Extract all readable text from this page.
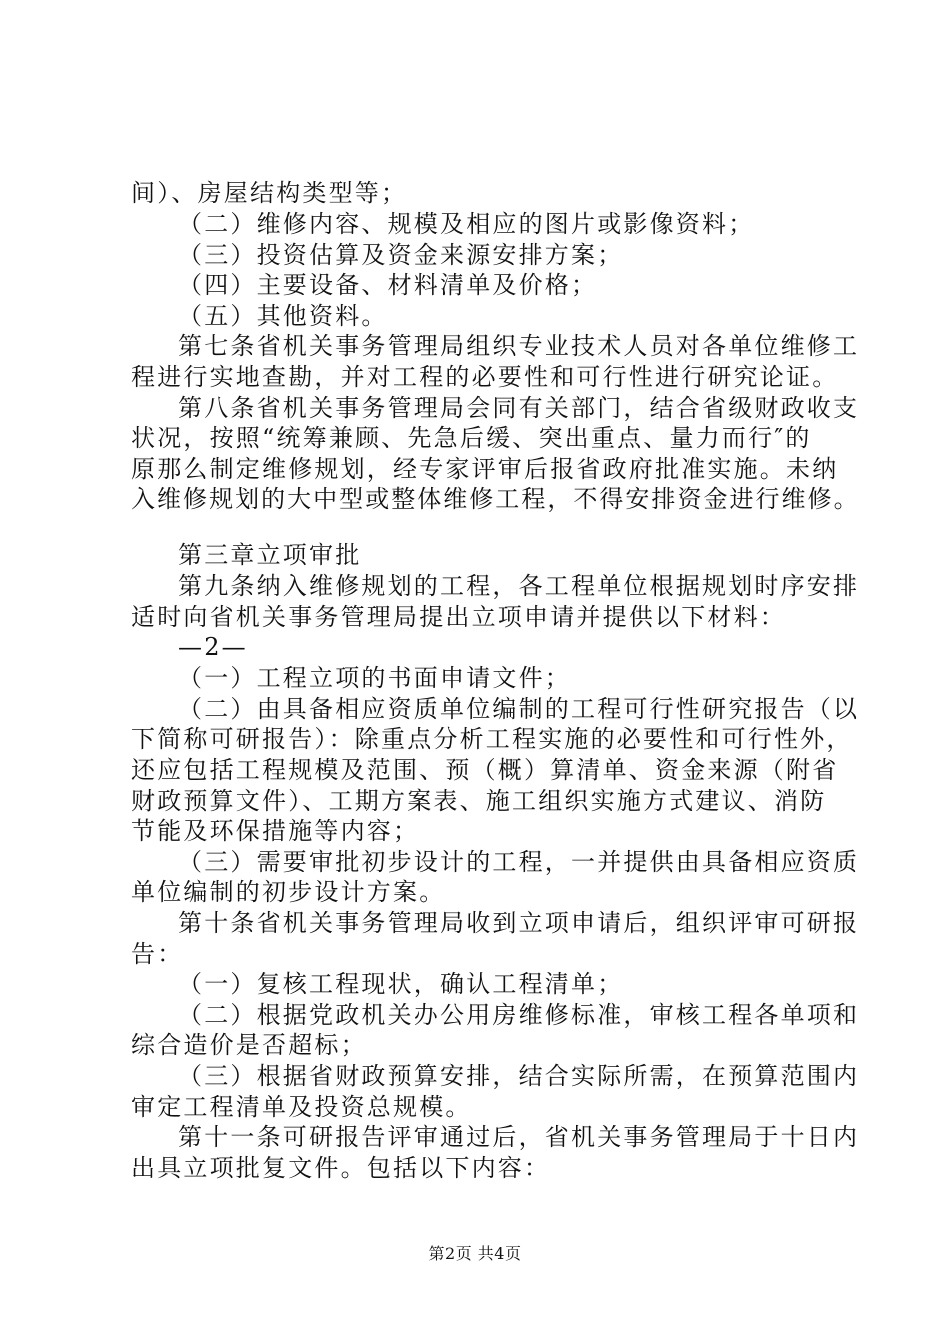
间）、房屋结构类型等；
（二）维修内容、规模及相应的图片或影像资料；
（三）投资估算及资金来源安排方案；
（四）主要设备、材料清单及价格；
（五）其他资料。
第七条省机关事务管理局组织专业技术人员对各单位维修工
程进行实地查勘，并对工程的必要性和可行性进行研究论证。
第八条省机关事务管理局会同有关部门，结合省级财政收支
状况，按照“统筹兼顾、先急后缓、突出重点、量力而行″的
原那么制定维修规划，经专家评审后报省政府批准实施。未纳
入维修规划的大中型或整体维修工程，不得安排资金进行维修。
第三章立项审批
第九条纳入维修规划的工程，各工程单位根据规划时序安排
适时向省机关事务管理局提出立项申请并提供以下材料：
—2—
（一）工程立项的书面申请文件；
（二）由具备相应资质单位编制的工程可行性研究报告（以
下简称可研报告）：除重点分析工程实施的必要性和可行性外，
还应包括工程规模及范围、预（概）算清单、资金来源（附省
财政预算文件）、工期方案表、施工组织实施方式建议、消防
节能及环保措施等内容；
（三）需要审批初步设计的工程，一并提供由具备相应资质
单位编制的初步设计方案。
第十条省机关事务管理局收到立项申请后，组织评审可研报
告：
（一）复核工程现状，确认工程清单；
（二）根据党政机关办公用房维修标准，审核工程各单项和
综合造价是否超标；
（三）根据省财政预算安排，结合实际所需，在预算范围内
审定工程清单及投资总规模。
第十一条可研报告评审通过后，省机关事务管理局于十日内
出具立项批复文件。包括以下内容：
第2页 共4页
